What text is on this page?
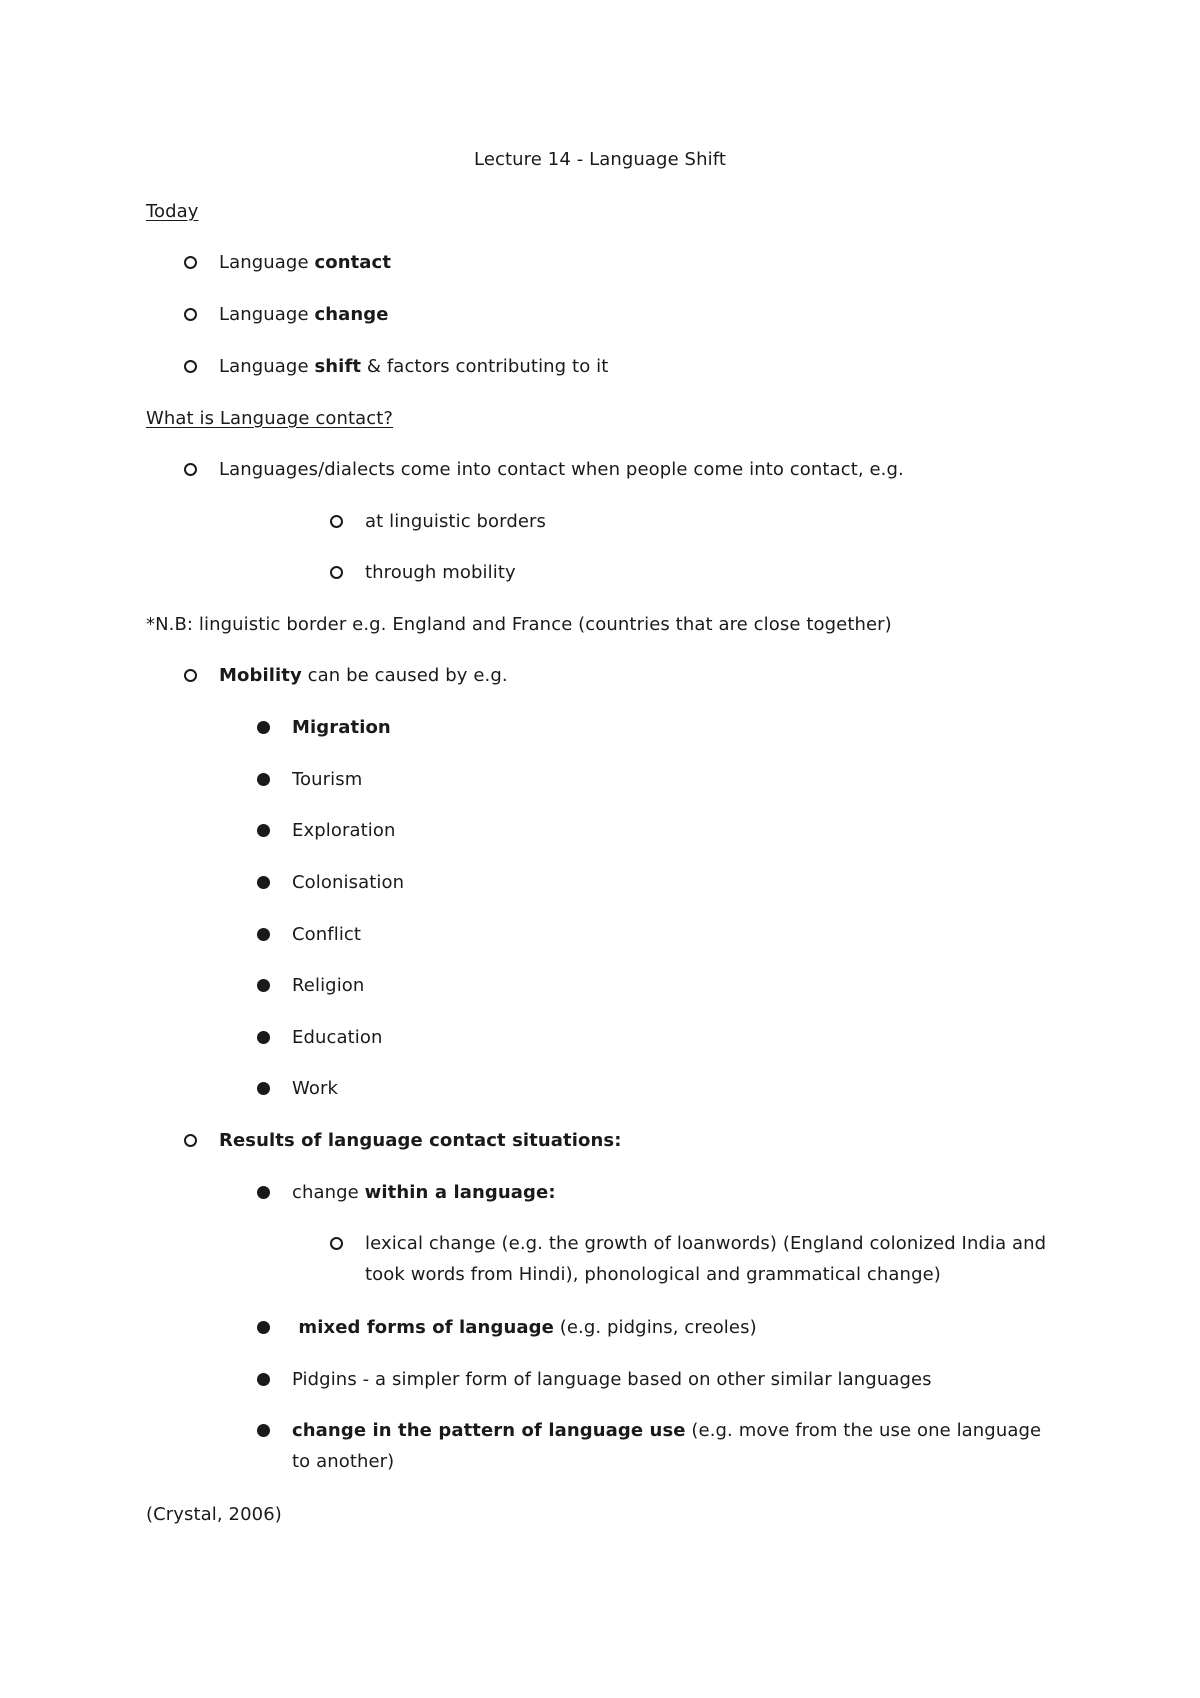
Lecture 14 - Language Shift
Today
Language contact
Language change
Language shift & factors contributing to it
What is Language contact?
Languages/dialects come into contact when people come into contact, e.g.
at linguistic borders
through mobility
*N.B: linguistic border e.g. England and France (countries that are close together)
Mobility can be caused by e.g.
Migration
Tourism
Exploration
Colonisation
Conflict
Religion
Education
Work
Results of language contact situations:
change within a language:
lexical change (e.g. the growth of loanwords) (England colonized India and took words from Hindi), phonological and grammatical change)
mixed forms of language (e.g. pidgins, creoles)
Pidgins - a simpler form of language based on other similar languages
change in the pattern of language use (e.g. move from the use one language to another)
(Crystal, 2006)
